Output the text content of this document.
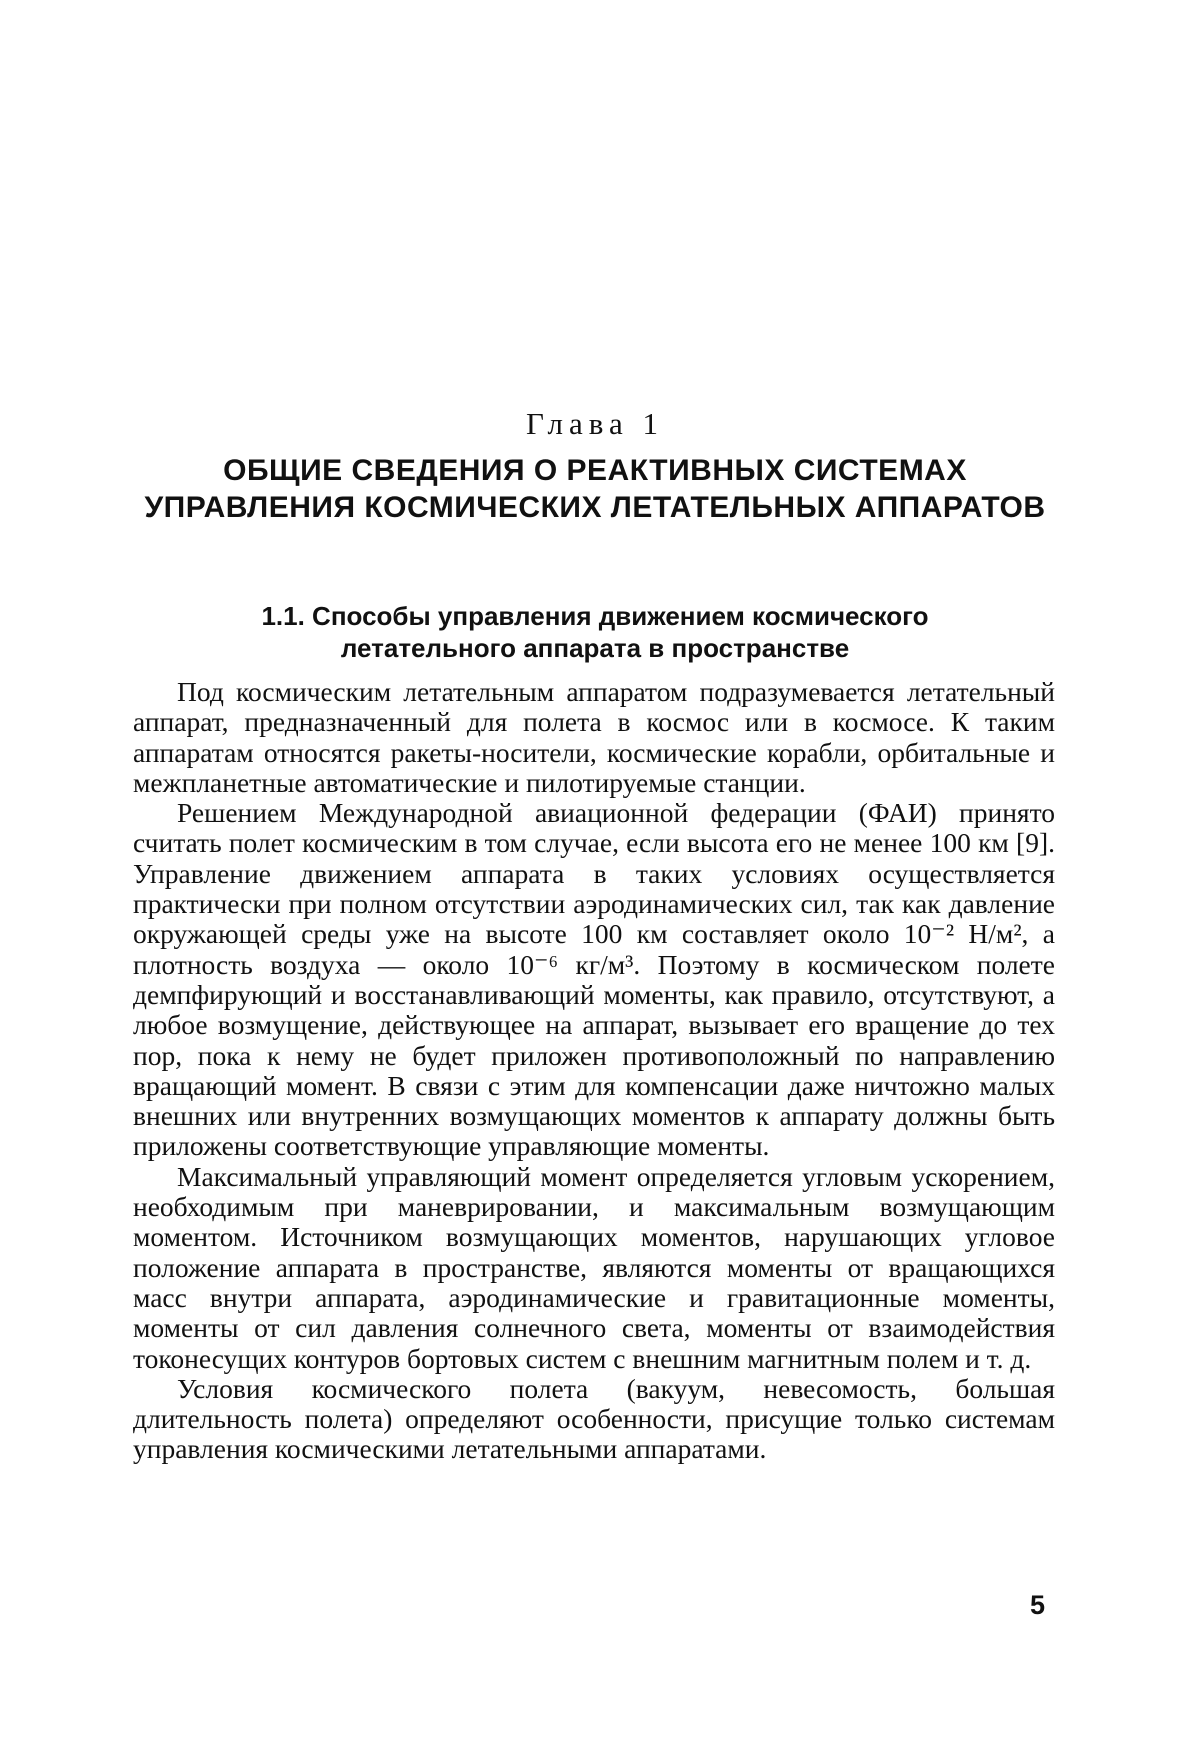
Глава 1
ОБЩИЕ СВЕДЕНИЯ О РЕАКТИВНЫХ СИСТЕМАХ УПРАВЛЕНИЯ КОСМИЧЕСКИХ ЛЕТАТЕЛЬНЫХ АППАРАТОВ
1.1. Способы управления движением космического летательного аппарата в пространстве

Под космическим летательным аппаратом подразумевается летательный аппарат, предназначенный для полета в космос или в космосе. К таким аппаратам относятся ракеты-носители, космические корабли, орбитальные и межпланетные автоматические и пилотируемые станции.

Решением Международной авиационной федерации (ФАИ) принято считать полет космическим в том случае, если высота его не менее 100 км [9]. Управление движением аппарата в таких условиях осуществляется практически при полном отсутствии аэродинамических сил, так как давление окружающей среды уже на высоте 100 км составляет около 10⁻² Н/м², а плотность воздуха — около 10⁻⁶ кг/м³. Поэтому в космическом полете демпфирующий и восстанавливающий моменты, как правило, отсутствуют, а любое возмущение, действующее на аппарат, вызывает его вращение до тех пор, пока к нему не будет приложен противоположный по направлению вращающий момент. В связи с этим для компенсации даже ничтожно малых внешних или внутренних возмущающих моментов к аппарату должны быть приложены соответствующие управляющие моменты.

Максимальный управляющий момент определяется угловым ускорением, необходимым при маневрировании, и максимальным возмущающим моментом. Источником возмущающих моментов, нарушающих угловое положение аппарата в пространстве, являются моменты от вращающихся масс внутри аппарата, аэродинамические и гравитационные моменты, моменты от сил давления солнечного света, моменты от взаимодействия токонесущих контуров бортовых систем с внешним магнитным полем и т. д.

Условия космического полета (вакуум, невесомость, большая длительность полета) определяют особенности, присущие только системам управления космическими летательными аппаратами.

5
